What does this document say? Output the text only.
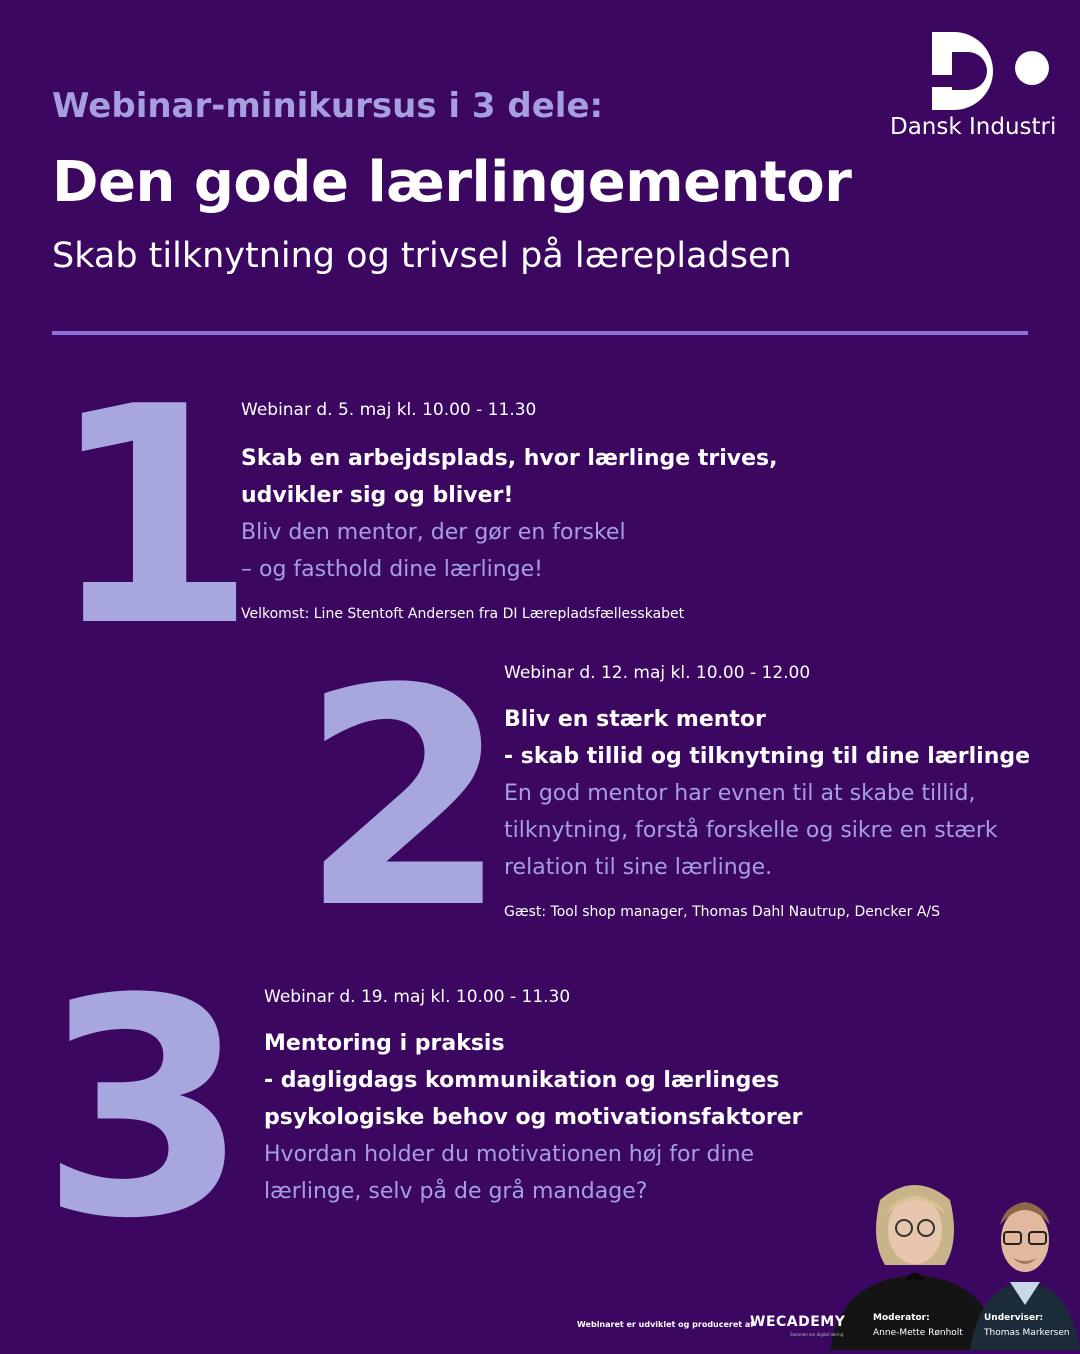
Webinar-minikursus i 3 dele:
Den gode lærlingementor
Skab tilknytning og trivsel på lærepladsen
Dansk Industri
1
Webinar d. 5. maj kl. 10.00 - 11.30
Skab en arbejdsplads, hvor lærlinge trives,
udvikler sig og bliver!
Bliv den mentor, der gør en forskel
– og fasthold dine lærlinge!
Velkomst: Line Stentoft Andersen fra DI Lærepladsfællesskabet
2
Webinar d. 12. maj kl. 10.00 - 12.00
Bliv en stærk mentor
- skab tillid og tilknytning til dine lærlinge
En god mentor har evnen til at skabe tillid,
tilknytning, forstå forskelle og sikre en stærk
relation til sine lærlinge.
Gæst: Tool shop manager, Thomas Dahl Nautrup, Dencker A/S
3 Webinar d. 19. maj kl. 10.00 - 11.30
Mentoring i praksis
- dagligdags kommunikation og lærlinges
psykologiske behov og motivationsfaktorer
Hvordan holder du motivationen høj for dine
lærlinge, selv på de grå mandage?
Webinaret er udviklet og produceret af
WECADEMY
Sammen om digital læring
Moderator:
Anne-Mette Rønholt
Underviser:
Thomas Markersen
